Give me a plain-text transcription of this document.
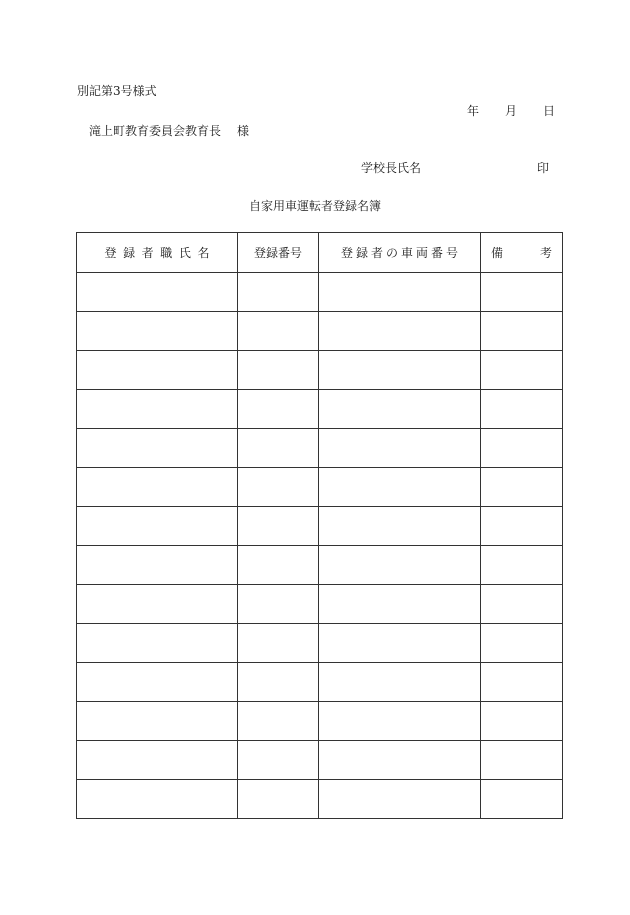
別記第3号様式
年 月 日
滝上町教育委員会教育長 様
学校長氏名	印
自家用車運転者登録名簿
登録者職氏名	登録番号	登録者の車両番号	備 考
